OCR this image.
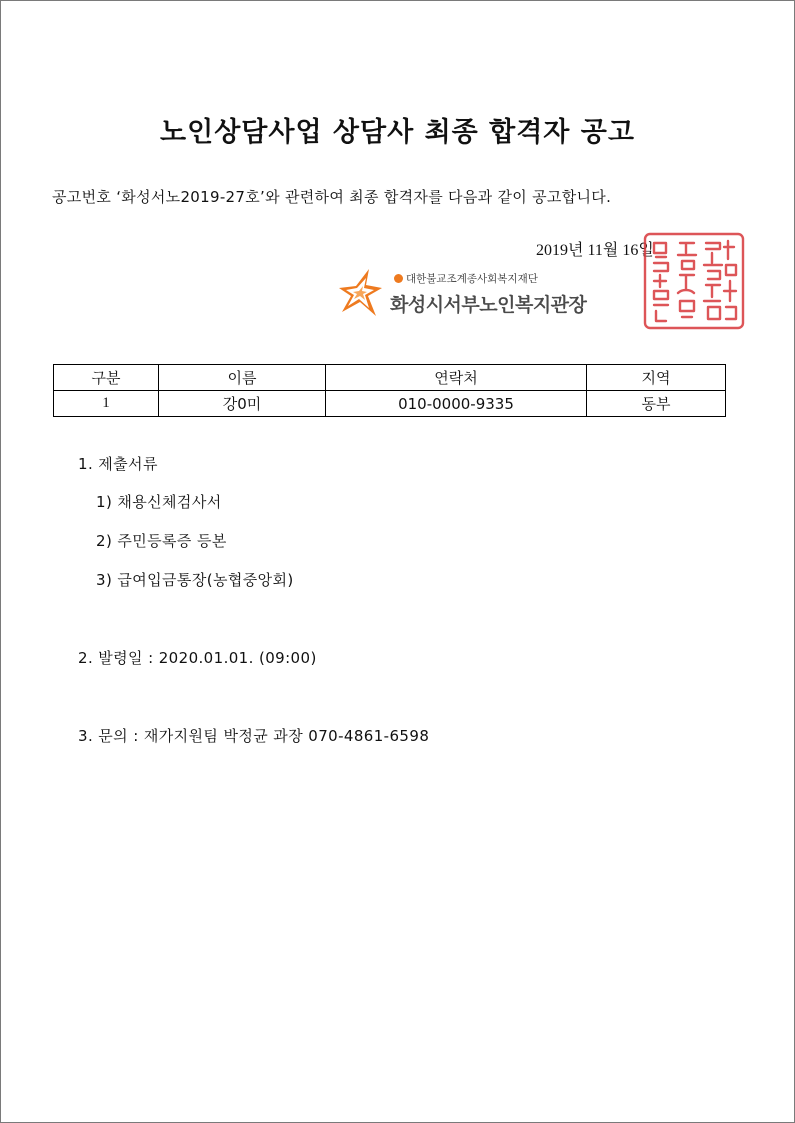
노인상담사업 상담사 최종 합격자 공고
공고번호 ‘화성서노2019-27호’와 관련하여 최종 합격자를 다음과 같이 공고합니다.
2019년 11월 16일
대한불교조계종사회복지재단
화성시서부노인복지관장
구분	이름	연락처	지역
1	강0미	010-0000-9335	동부
1. 제출서류
1) 채용신체검사서
2) 주민등록증 등본
3) 급여입금통장(농협중앙회)
2. 발령일 : 2020.01.01. (09:00)
3. 문의 : 재가지원팀 박정균 과장 070-4861-6598
